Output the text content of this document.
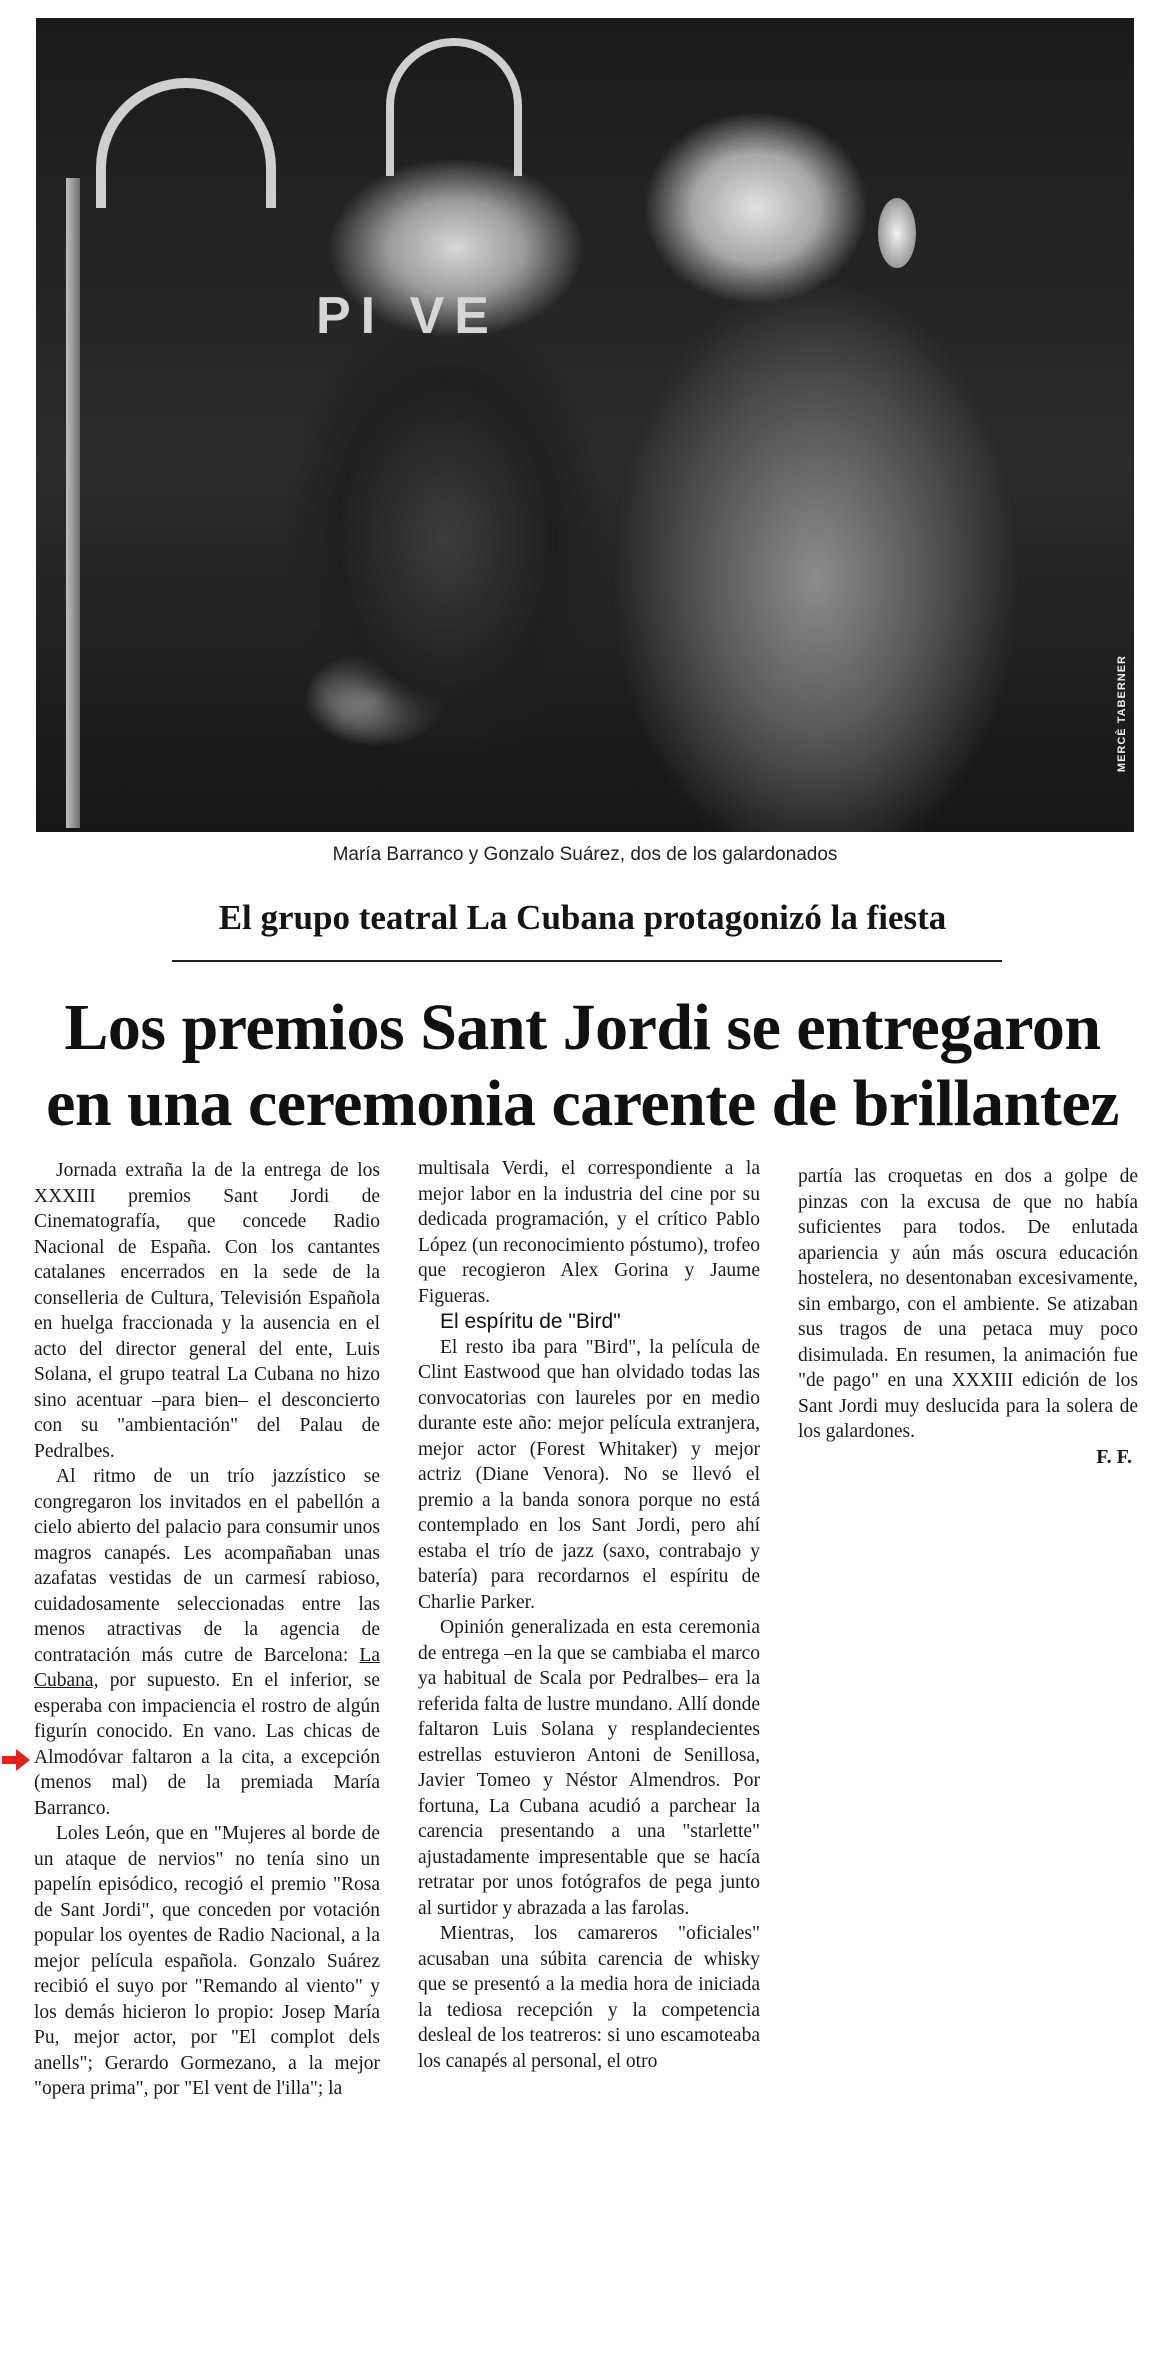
PI VE
MERCÈ TABERNER
María Barranco y Gonzalo Suárez, dos de los galardonados
El grupo teatral La Cubana protagonizó la fiesta
Los premios Sant Jordi se entregaron
en una ceremonia carente de brillantez

Jornada extraña la de la entrega de los XXXIII premios Sant Jordi de Cinematografía, que concede Radio Nacional de España. Con los cantantes catalanes encerrados en la sede de la conselleria de Cultura, Televisión Española en huelga fraccionada y la ausencia en el acto del director general del ente, Luis Solana, el grupo teatral La Cubana no hizo sino acentuar –para bien– el desconcierto con su "ambientación" del Palau de Pedralbes.

Al ritmo de un trío jazzístico se congregaron los invitados en el pabellón a cielo abierto del palacio para consumir unos magros canapés. Les acompañaban unas azafatas vestidas de un carmesí rabioso, cuidadosamente seleccionadas entre las menos atractivas de la agencia de contratación más cutre de Barcelona: La Cubana, por supuesto. En el inferior, se esperaba con impaciencia el rostro de algún figurín conocido. En vano. Las chicas de Almodóvar faltaron a la cita, a excepción (menos mal) de la premiada María Barranco.

Loles León, que en "Mujeres al borde de un ataque de nervios" no tenía sino un papelín episódico, recogió el premio "Rosa de Sant Jordi", que conceden por votación popular los oyentes de Radio Nacional, a la mejor película española. Gonzalo Suárez recibió el suyo por "Remando al viento" y los demás hicieron lo propio: Josep María Pu, mejor actor, por "El complot dels anells"; Gerardo Gormezano, a la mejor "opera prima", por "El vent de l'illa"; la

multisala Verdi, el correspondiente a la mejor labor en la industria del cine por su dedicada programación, y el crítico Pablo López (un reconocimiento póstumo), trofeo que recogieron Alex Gorina y Jaume Figueras.

El espíritu de "Bird"

El resto iba para "Bird", la película de Clint Eastwood que han olvidado todas las convocatorias con laureles por en medio durante este año: mejor película extranjera, mejor actor (Forest Whitaker) y mejor actriz (Diane Venora). No se llevó el premio a la banda sonora porque no está contemplado en los Sant Jordi, pero ahí estaba el trío de jazz (saxo, contrabajo y batería) para recordarnos el espíritu de Charlie Parker.

Opinión generalizada en esta ceremonia de entrega –en la que se cambiaba el marco ya habitual de Scala por Pedralbes– era la referida falta de lustre mundano. Allí donde faltaron Luis Solana y resplandecientes estrellas estuvieron Antoni de Senillosa, Javier Tomeo y Néstor Almendros. Por fortuna, La Cubana acudió a parchear la carencia presentando a una "starlette" ajustadamente impresentable que se hacía retratar por unos fotógrafos de pega junto al surtidor y abrazada a las farolas.

Mientras, los camareros "oficiales" acusaban una súbita carencia de whisky que se presentó a la media hora de iniciada la tediosa recepción y la competencia desleal de los teatreros: si uno escamoteaba los canapés al personal, el otro

partía las croquetas en dos a golpe de pinzas con la excusa de que no había suficientes para todos. De enlutada apariencia y aún más oscura educación hostelera, no desentonaban excesivamente, sin embargo, con el ambiente. Se atizaban sus tragos de una petaca muy poco disimulada. En resumen, la animación fue "de pago" en una XXXIII edición de los Sant Jordi muy deslucida para la solera de los galardones.

F. F.
